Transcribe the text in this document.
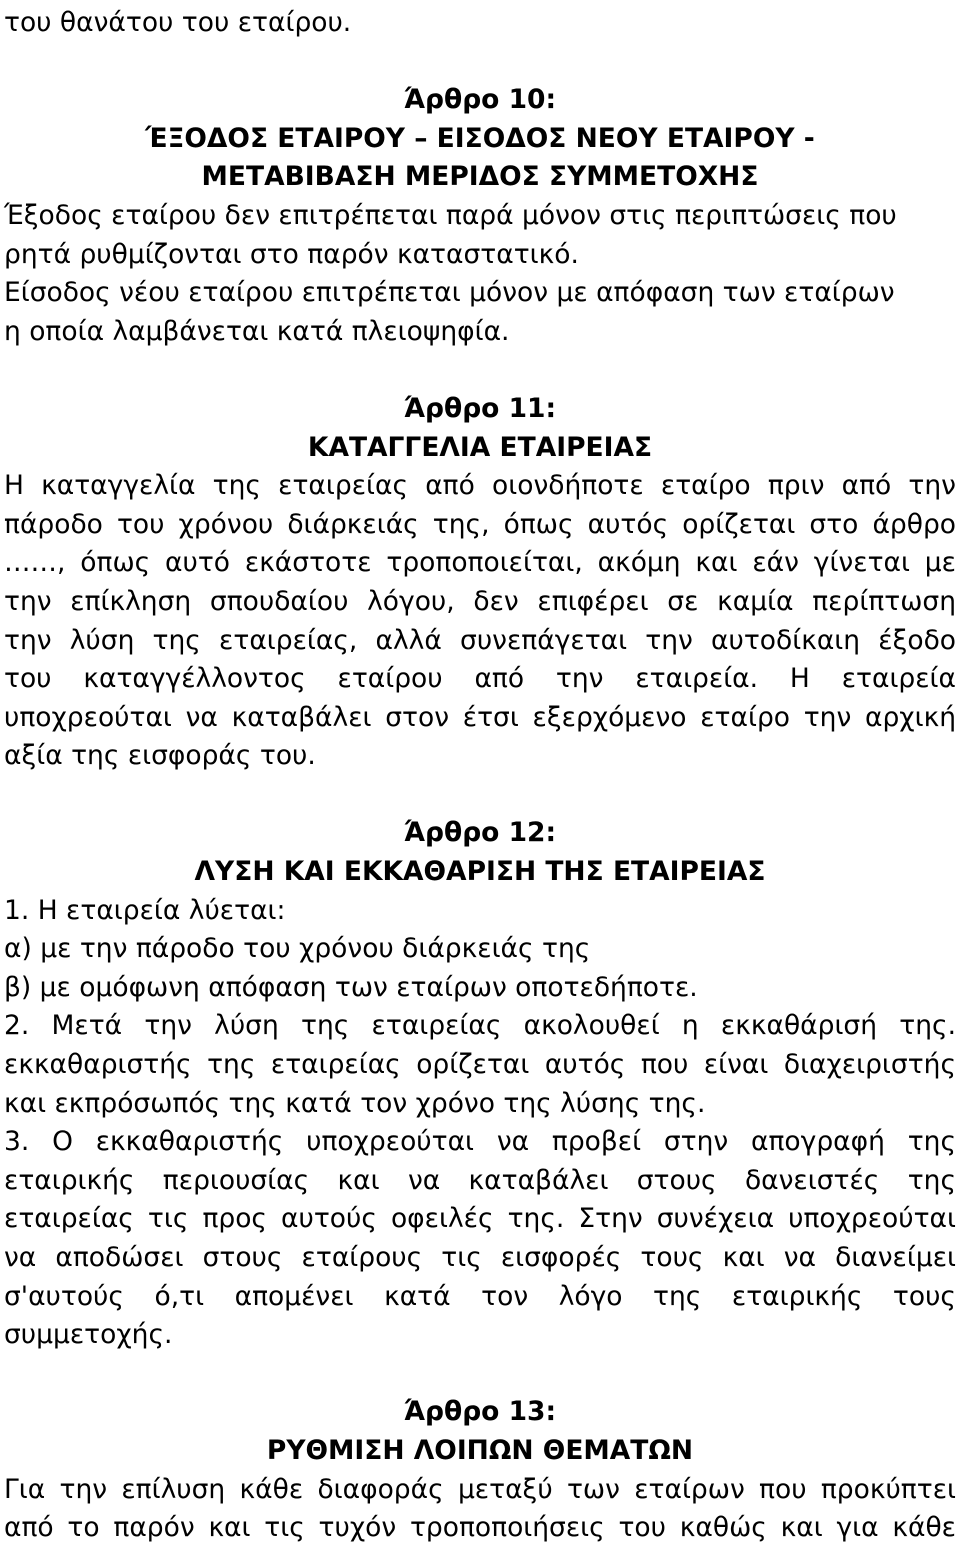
του θανάτου του εταίρου.
Άρθρο 10:
ΈΞΟΔΟΣ ΕΤΑΙΡΟΥ – ΕΙΣΟΔΟΣ ΝΕΟΥ ΕΤΑΙΡΟΥ -
ΜΕΤΑΒΙΒΑΣΗ ΜΕΡΙΔΟΣ ΣΥΜΜΕΤΟΧΗΣ
Έξοδος εταίρου δεν επιτρέπεται παρά μόνον στις περιπτώσεις που
ρητά ρυθμίζονται στο παρόν καταστατικό.
Είσοδος νέου εταίρου επιτρέπεται μόνον με απόφαση των εταίρων
η οποία λαμβάνεται κατά πλειοψηφία.
Άρθρο 11:
ΚΑΤΑΓΓΕΛΙΑ ΕΤΑΙΡΕΙΑΣ
Η καταγγελία της εταιρείας από οιονδήποτε εταίρο πριν από την
πάροδο του χρόνου διάρκειάς της, όπως αυτός ορίζεται στο άρθρο
……, όπως αυτό εκάστοτε τροποποιείται, ακόμη και εάν γίνεται με
την επίκληση σπουδαίου λόγου, δεν επιφέρει σε καμία περίπτωση
την λύση της εταιρείας, αλλά συνεπάγεται την αυτοδίκαιη έξοδο
του καταγγέλλοντος εταίρου από την εταιρεία. Η εταιρεία
υποχρεούται να καταβάλει στον έτσι εξερχόμενο εταίρο την αρχική
αξία της εισφοράς του.
Άρθρο 12:
ΛΥΣΗ ΚΑΙ ΕΚΚΑΘΑΡΙΣΗ ΤΗΣ ΕΤΑΙΡΕΙΑΣ
1. Η εταιρεία λύεται:
α) με την πάροδο του χρόνου διάρκειάς της
β) με ομόφωνη απόφαση των εταίρων οποτεδήποτε.
2. Μετά την λύση της εταιρείας ακολουθεί η εκκαθάρισή της.
εκκαθαριστής της εταιρείας ορίζεται αυτός που είναι διαχειριστής
και εκπρόσωπός της κατά τον χρόνο της λύσης της.
3. Ο εκκαθαριστής υποχρεούται να προβεί στην απογραφή της
εταιρικής περιουσίας και να καταβάλει στους δανειστές της
εταιρείας τις προς αυτούς οφειλές της. Στην συνέχεια υποχρεούται
να αποδώσει στους εταίρους τις εισφορές τους και να διανείμει
σ'αυτούς ό,τι απομένει κατά τον λόγο της εταιρικής τους
συμμετοχής.
Άρθρο 13:
ΡΥΘΜΙΣΗ ΛΟΙΠΩΝ ΘΕΜΑΤΩΝ
Για την επίλυση κάθε διαφοράς μεταξύ των εταίρων που προκύπτει
από το παρόν και τις τυχόν τροποποιήσεις του καθώς και για κάθε
